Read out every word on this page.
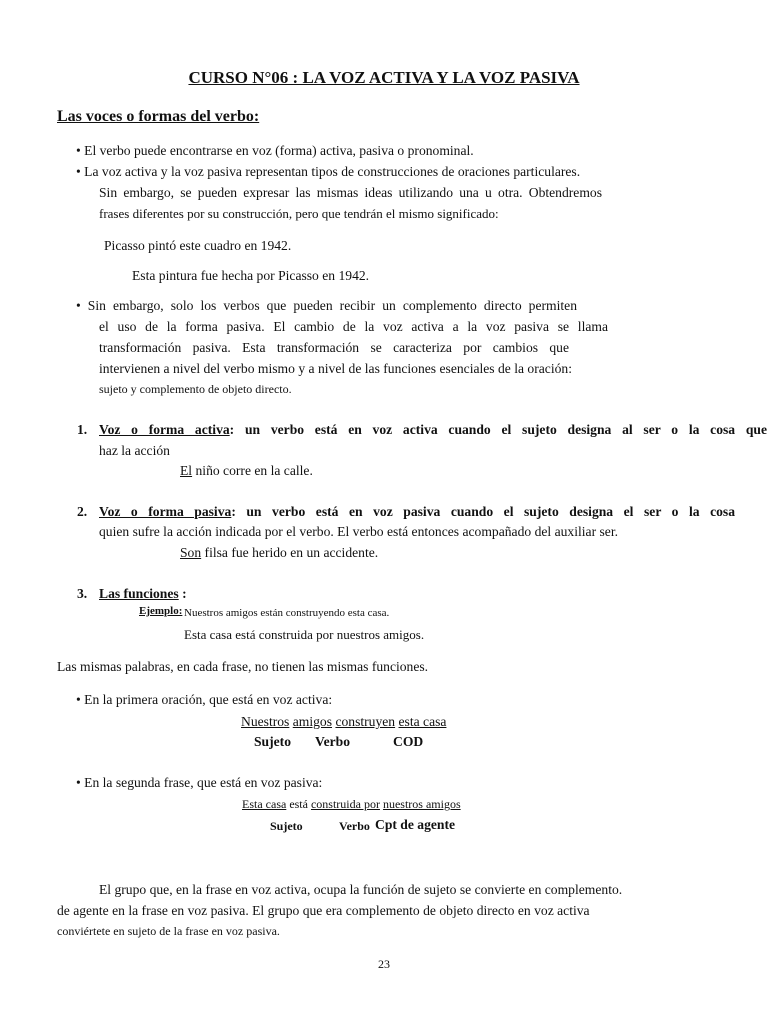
CURSO N°06 : LA VOZ ACTIVA Y LA VOZ PASIVA
Las voces o formas del verbo:
• El verbo puede encontrarse en voz (forma) activa, pasiva o pronominal.
• La voz activa y la voz pasiva representan tipos de construcciones de oraciones particulares.
Sin embargo, se pueden expresar las mismas ideas utilizando una u otra. Obtendremos
frases diferentes por su construcción, pero que tendrán el mismo significado:
Picasso pintó este cuadro en 1942.
Esta pintura fue hecha por Picasso en 1942.
• Sin embargo, solo los verbos que pueden recibir un complemento directo permiten
el uso de la forma pasiva. El cambio de la voz activa a la voz pasiva se llama
transformación pasiva. Esta transformación se caracteriza por cambios que
intervienen a nivel del verbo mismo y a nivel de las funciones esenciales de la oración:
sujeto y complemento de objeto directo.
1. Voz o forma activa: un verbo está en voz activa cuando el sujeto designa al ser o la cosa que
haz la acción
El niño corre en la calle.
2. Voz o forma pasiva: un verbo está en voz pasiva cuando el sujeto designa el ser o la cosa
quien sufre la acción indicada por el verbo. El verbo está entonces acompañado del auxiliar ser.
Son filsa fue herido en un accidente.
3. Las funciones :
Ejemplo: Nuestros amigos están construyendo esta casa.
Esta casa está construida por nuestros amigos.
Las mismas palabras, en cada frase, no tienen las mismas funciones.
• En la primera oración, que está en voz activa:
Nuestros amigos construyen esta casa
Sujeto Verbo	COD
• En la segunda frase, que está en voz pasiva:
Esta casa está construida por nuestros amigos
Sujeto	Verbo Cpt de agente
El grupo que, en la frase en voz activa, ocupa la función de sujeto se convierte en complemento.
de agente en la frase en voz pasiva. El grupo que era complemento de objeto directo en voz activa
conviértete en sujeto de la frase en voz pasiva.
23
